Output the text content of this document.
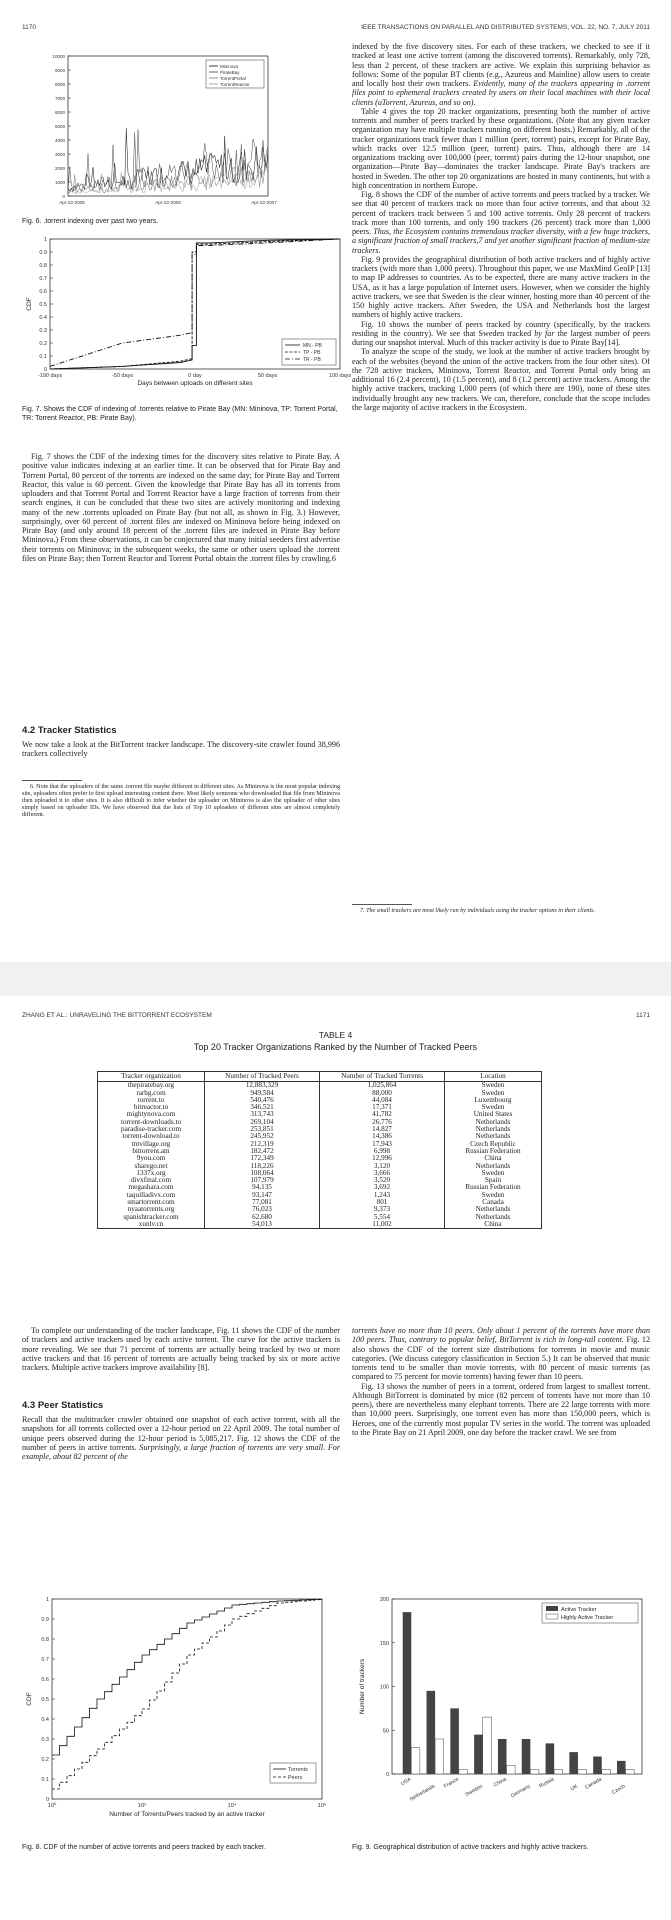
1170	IEEE TRANSACTIONS ON PARALLEL AND DISTRIBUTED SYSTEMS, VOL. 22, NO. 7, JULY 2011
10000
9000
8000
7000
6000
5000
4000
3000
2000
1000
0
Apr-22-2005	Apr-22-2006	Apr-22-2007
Mininova
PirateBay
TorrentPortal
TorrentReactor
Fig. 6. .torrent indexing over past two years.
1
0.9
0.8
0.7
0.6
0.5
0.4
0.3
0.2
0.1
0
-100 days	-50 days	0 day	50 days	100 days
Days between uploads on different sites
CDF
MN - PB
TP - PB
TR - PB
Fig. 7. Shows the CDF of indexing of .torrents relative to Pirate Bay (MN: Mininova, TP: Torrent Portal, TR: Torrent Reactor, PB: Pirate Bay).

Fig. 7 shows the CDF of the indexing times for the discovery sites relative to Pirate Bay. A positive value indicates indexing at an earlier time. It can be observed that for Pirate Bay and Torrent Portal, 80 percent of the torrents are indexed on the same day; for Pirate Bay and Torrent Reactor, this value is 60 percent. Given the knowledge that Pirate Bay has all its torrents from uploaders and that Torrent Portal and Torrent Reactor have a large fraction of torrents from their search engines, it can be concluded that these two sites are actively monitoring and indexing many of the new .torrents uploaded on Pirate Bay (but not all, as shown in Fig. 3.) However, surprisingly, over 60 percent of .torrent files are indexed on Mininova before being indexed on Pirate Bay (and only around 18 percent of the .torrent files are indexed in Pirate Bay before Mininova.) From these observations, it can be conjectured that many initial seeders first advertise their torrents on Mininova; in the subsequent weeks, the same or other users upload the .torrent files on Pirate Bay; then Torrent Reactor and Torrent Portal obtain the .torrent files by crawling.6

4.2 Tracker Statistics

We now take a look at the BitTorrent tracker landscape. The discovery-site crawler found 38,996 trackers collectively

6. Note that the uploaders of the same .torrent file maybe different in different sites. As Mininova is the most popular indexing site, uploaders often prefer to first upload interesting content there. Most likely someone who downloaded that file from Mininova then uploaded it to other sites. It is also difficult to infer whether the uploader on Mininova is also the uploader of other sites simply based on uploader IDs. We have observed that the lists of Top 10 uploaders of different sites are almost completely different.

indexed by the five discovery sites. For each of these trackers, we checked to see if it tracked at least one active torrent (among the discovered torrents). Remarkably, only 728, less than 2 percent, of these trackers are active. We explain this surprising behavior as follows: Some of the popular BT clients (e.g., Azureus and Mainline) allow users to create and locally host their own trackers. Evidently, many of the trackers appearing in .torrent files point to ephemeral trackers created by users on their local machines with their local clients (uTorrent, Azureus, and so on).

Table 4 gives the top 20 tracker organizations, presenting both the number of active torrents and number of peers tracked by these organizations. (Note that any given tracker organization may have multiple trackers running on different hosts.) Remarkably, all of the tracker organizations track fewer than 1 million (peer, torrent) pairs, except for Pirate Bay, which tracks over 12.5 million (peer, torrent) pairs. Thus, although there are 14 organizations tracking over 100,000 (peer, torrent) pairs during the 12-hour snapshot, one organization—Pirate Bay—dominates the tracker landscape. Pirate Bay's trackers are hosted in Sweden. The other top 20 organizations are hosted in many continents, but with a high concentration in northern Europe.

Fig. 8 shows the CDF of the number of active torrents and peers tracked by a tracker. We see that 40 percent of trackers track no more than four active torrents, and that about 32 percent of trackers track between 5 and 100 active torrents. Only 28 percent of trackers track more than 100 torrents, and only 190 trackers (26 percent) track more than 1,000 peers. Thus, the Ecosystem contains tremendous tracker diversity, with a few huge trackers, a significant fraction of small trackers,7 and yet another significant fraction of medium-size trackers.

Fig. 9 provides the geographical distribution of both active trackers and of highly active trackers (with more than 1,000 peers). Throughout this paper, we use MaxMind GeoIP [13] to map IP addresses to countries. As to be expected, there are many active trackers in the USA, as it has a large population of Internet users. However, when we consider the highly active trackers, we see that Sweden is the clear winner, hosting more than 40 percent of the 150 highly active trackers. After Sweden, the USA and Netherlands host the largest numbers of highly active trackers.

Fig. 10 shows the number of peers tracked by country (specifically, by the trackers residing in the country). We see that Sweden tracked by far the largest number of peers during our snapshot interval. Much of this tracker activity is due to Pirate Bay[14].

To analyze the scope of the study, we look at the number of active trackers brought by each of the websites (beyond the union of the active trackers from the four other sites). Of the 728 active trackers, Mininova, Torrent Reactor, and Torrent Portal only bring an additional 16 (2.4 percent), 10 (1.5 percent), and 8 (1.2 percent) active trackers. Among the highly active trackers, tracking 1,000 peers (of which there are 190), none of these sites individually brought any new trackers. We can, therefore, conclude that the scope includes the large majority of active trackers in the Ecosystem.

7. The small trackers are most likely run by individuals using the tracker options in their clients.

ZHANG ET AL.: UNRAVELING THE BITTORRENT ECOSYSTEM	1171
TABLE 4
Top 20 Tracker Organizations Ranked by the Number of Tracked Peers
Tracker organization	Number of Tracked Peers	Number of Tracked Torrents	Location
thepiratebay.org	12,883,329	1,025,864	Sweden
rarbg.com	949,584	88,000	Sweden
torrent.to	540,476	44,084	Luxembourg
bitreactor.to	346,521	17,371	Sweden
mightynova.com	313,743	41,782	United States
torrent-downloads.to	269,104	26,776	Netherlands
paradise-tracker.com	253,851	14,827	Netherlands
torrent-download.to	245,952	14,386	Netherlands
tntvillage.org	212,319	17,943	Czech Republic
bittorrent.am	182,472	6,998	Russian Federation
9you.com	172,349	12,996	China
sharego.net	118,226	3,120	Netherlands
1337x.org	108,064	3,666	Sweden
divxfinal.com	107,979	3,520	Spain
megashara.com	94,135	3,692	Russian Federation
taquilladivx.com	93,147	1,243	Sweden
smartorrent.com	77,081	801	Canada
nyaatorrents.org	76,023	9,373	Netherlands
spanishtracker.com	62,680	5,554	Netherlands
xunlv.cn	54,013	11,002	China

To complete our understanding of the tracker landscape, Fig. 11 shows the CDF of the number of trackers and active trackers used by each active torrent. The curve for the active trackers is more revealing. We see that 71 percent of torrents are actually being tracked by two or more active trackers and that 16 percent of torrents are actually being tracked by six or more active trackers. Multiple active trackers improve availability [8].

4.3 Peer Statistics

Recall that the multitracker crawler obtained one snapshot of each active torrent, with all the snapshots for all torrents collected over a 12-hour period on 22 April 2009. The total number of unique peers observed during the 12-hour period is 5,085,217. Fig. 12 shows the CDF of the number of peers in active torrents. Surprisingly, a large fraction of torrents are very small. For example, about 82 percent of the

torrents have no more than 10 peers. Only about 1 percent of the torrents have more than 100 peers. Thus, contrary to popular belief, BitTorrent is rich in long-tail content. Fig. 12 also shows the CDF of the torrent size distributions for torrents in movie and music categories. (We discuss category classification in Section 5.) It can be observed that music torrents tend to be smaller than movie torrents, with 80 percent of music torrents (as compared to 75 percent for movie torrents) having fewer than 10 peers.

Fig. 13 shows the number of peers in a torrent, ordered from largest to smallest torrent. Although BitTorrent is dominated by mice (82 percent of torrents have not more than 10 peers), there are nevertheless many elephant torrents. There are 22 large torrents with more than 10,000 peers. Surprisingly, one torrent even has more than 150,000 peers, which is Heroes, one of the currently most popular TV series in the world. The torrent was uploaded to the Pirate Bay on 21 April 2009, one day before the tracker crawl. We see from

1
0.9
0.8
0.7
0.6
0.5
0.4
0.3
0.2
0.1
0
10⁰	10²	10⁴	10⁶
Number of Torrents/Peers tracked by an active tracker
CDF
Torrents
Peers
Fig. 8. CDF of the number of active torrents and peers tracked by each tracker.
200
150
100
50
0
Number of trackers
USA
Netherlands
France
Sweden
China
Germany
Russia	UK Canada Czech
Active Tracker
Highly Active Tracker
Fig. 9. Geographical distribution of active trackers and highly active trackers.
